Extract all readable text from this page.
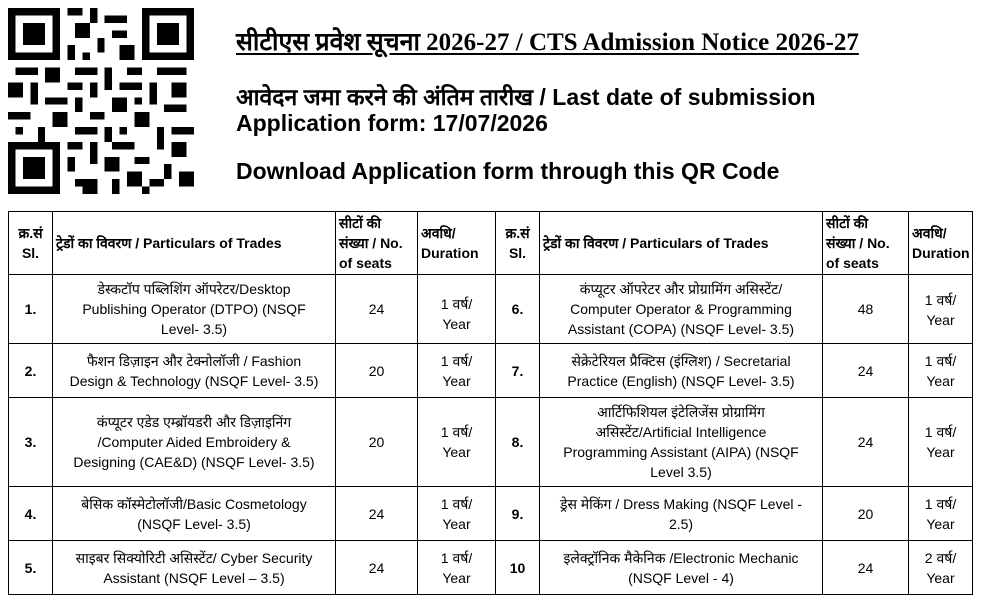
सीटीएस प्रवेश सूचना 2026-27 / CTS Admission Notice 2026-27
आवेदन जमा करने की अंतिम तारीख / Last date of submission
Application form: 17/07/2026
Download Application form through this QR Code
क्र.सं
Sl.	ट्रेडों का विवरण / Particulars of Trades	सीटों की
संख्या / No.
of seats	अवधि/
Duration	क्र.सं
Sl.	ट्रेडों का विवरण / Particulars of Trades	सीटों की
संख्या / No.
of seats	अवधि/
Duration

1.	डेस्कटॉप पब्लिशिंग ऑपरेटर/Desktop
Publishing Operator (DTPO) (NSQF
Level- 3.5)	24	1 वर्ष/
Year	6.	कंप्यूटर ऑपरेटर और प्रोग्रामिंग असिस्टेंट/
Computer Operator & Programming
Assistant (COPA) (NSQF Level- 3.5)	48	1 वर्ष/
Year

2.	फैशन डिज़ाइन और टेक्नोलॉजी / Fashion
Design & Technology (NSQF Level- 3.5)	20	1 वर्ष/
Year	7.	सेक्रेटेरियल प्रैक्टिस (इंग्लिश) / Secretarial
Practice (English) (NSQF Level- 3.5)	24	1 वर्ष/
Year

3.	कंप्यूटर एडेड एम्ब्रॉयडरी और डिज़ाइनिंग
/Computer Aided Embroidery &
Designing (CAE&D) (NSQF Level- 3.5)	20	1 वर्ष/
Year	8.	आर्टिफिशियल इंटेलिजेंस प्रोग्रामिंग
असिस्टेंट/Artificial Intelligence
Programming Assistant (AIPA) (NSQF
Level 3.5)	24	1 वर्ष/
Year

4.	बेसिक कॉस्मेटोलॉजी/Basic Cosmetology
(NSQF Level- 3.5)	24	1 वर्ष/
Year	9.	ड्रेस मेकिंग / Dress Making (NSQF Level -
2.5)	20	1 वर्ष/
Year

5.	साइबर सिक्योरिटी असिस्टेंट/ Cyber Security
Assistant (NSQF Level – 3.5)	24	1 वर्ष/
Year	10	इलेक्ट्रॉनिक मैकेनिक /Electronic Mechanic
(NSQF Level - 4)	24	2 वर्ष/
Year
